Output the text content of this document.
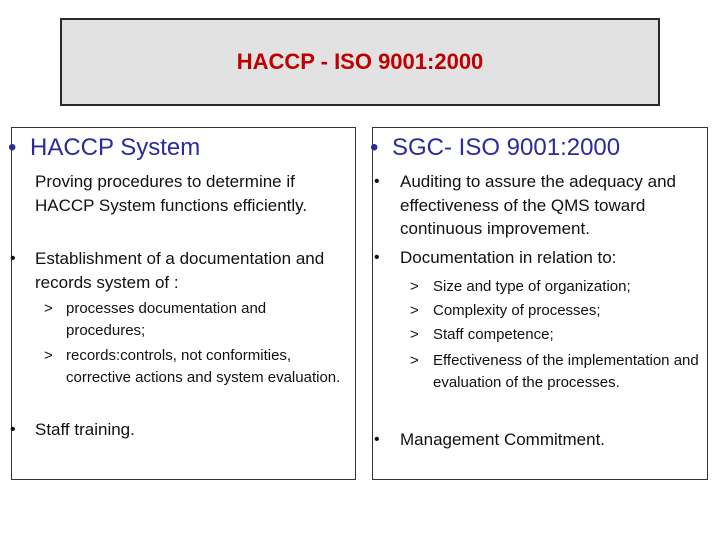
HACCP - ISO 9001:2000
• HACCP System
Proving procedures to determine if HACCP System functions efficiently.
• Establishment of a documentation and records system of :
> processes documentation and procedures;
> records:controls, not conformities, corrective actions and system evaluation.
• Staff training.
• SGC- ISO 9001:2000
• Auditing to assure the adequacy and effectiveness of the QMS toward continuous improvement.
• Documentation in relation to:
> Size and type of organization;
> Complexity of processes;
> Staff competence;
> Effectiveness of the implementation and evaluation of the processes.
• Management Commitment.
